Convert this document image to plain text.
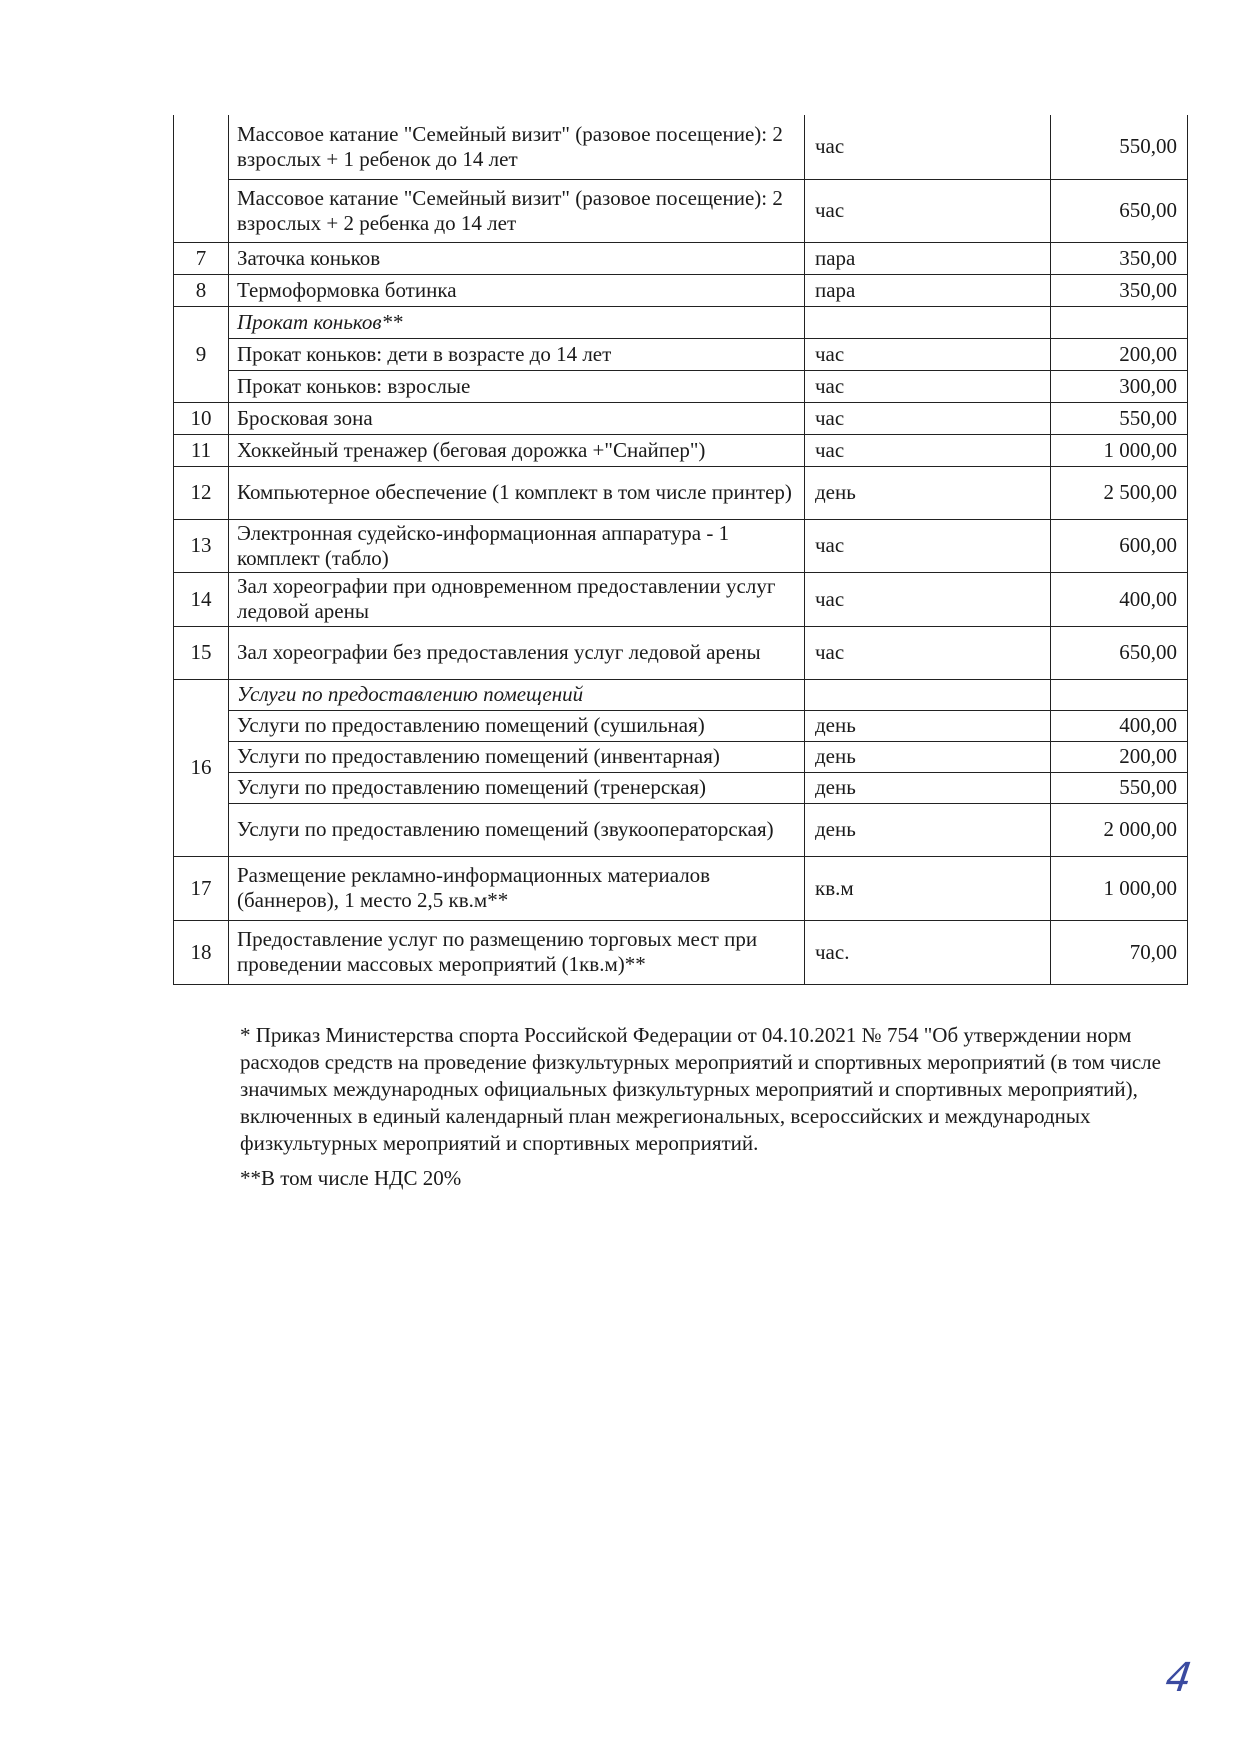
	Массовое катание "Семейный визит" (разовое посещение): 2 взрослых + 1 ребенок до 14 лет	час	550,00
	Массовое катание "Семейный визит" (разовое посещение): 2 взрослых + 2 ребенка до 14 лет	час	650,00
7	Заточка коньков	пара	350,00
8	Термоформовка ботинка	пара	350,00
9	Прокат коньков**		
	Прокат коньков: дети в возрасте до 14 лет	час	200,00
	Прокат коньков: взрослые	час	300,00
10	Бросковая зона	час	550,00
11	Хоккейный тренажер (беговая дорожка +"Снайпер")	час	1 000,00
12	Компьютерное обеспечение (1 комплект в том числе принтер)	день	2 500,00
13	Электронная судейско-информационная аппаратура - 1 комплект (табло)	час	600,00
14	Зал хореографии при одновременном предоставлении услуг ледовой арены	час	400,00
15	Зал хореографии без предоставления услуг ледовой арены	час	650,00
16	Услуги по предоставлению помещений		
	Услуги по предоставлению помещений (сушильная)	день	400,00
	Услуги по предоставлению помещений (инвентарная)	день	200,00
	Услуги по предоставлению помещений (тренерская)	день	550,00
	Услуги по предоставлению помещений (звукооператорская)	день	2 000,00
17	Размещение рекламно-информационных материалов (баннеров), 1 место 2,5 кв.м**	кв.м	1 000,00
18	Предоставление услуг по размещению торговых мест при проведении массовых мероприятий (1кв.м)**	час.	70,00

* Приказ Министерства спорта Российской Федерации от 04.10.2021 № 754 "Об утверждении норм расходов средств на проведение физкультурных мероприятий и спортивных мероприятий (в том числе значимых международных официальных физкультурных мероприятий и спортивных мероприятий), включенных в единый календарный план межрегиональных, всероссийских и международных физкультурных мероприятий и спортивных мероприятий.

**В том числе НДС 20%

4
